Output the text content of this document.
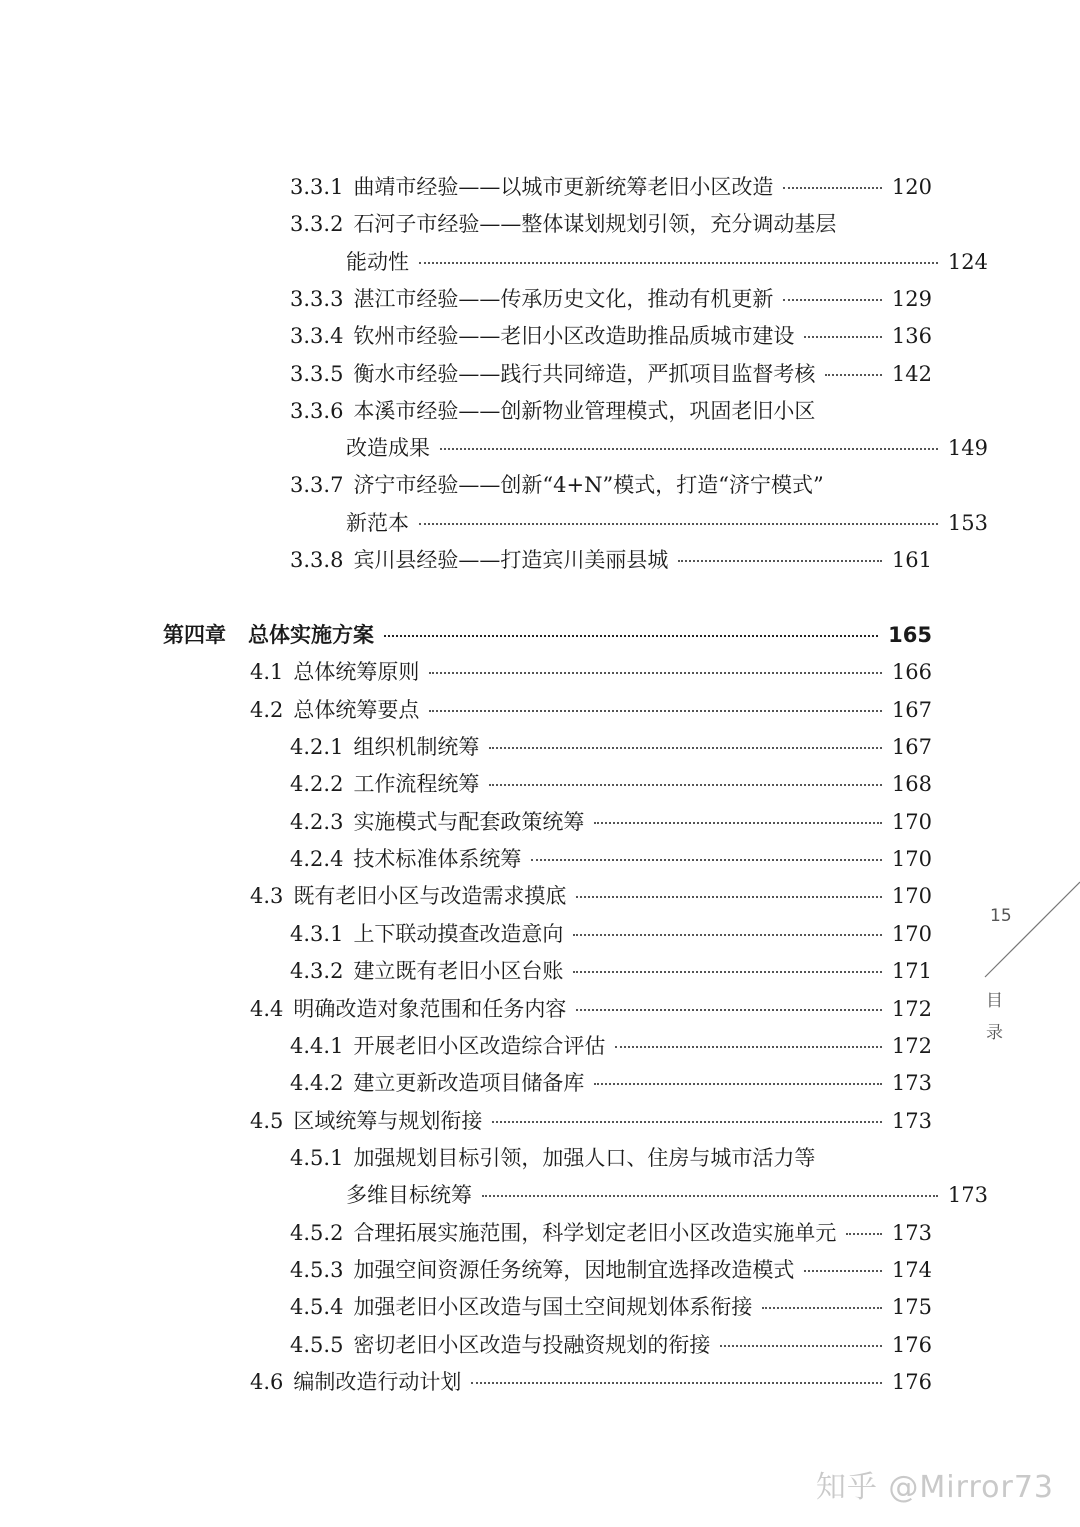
3.3.1 曲靖市经验——以城市更新统筹老旧小区改造	120
3.3.2 石河子市经验——整体谋划规划引领，充分调动基层
能动性	124
3.3.3 湛江市经验——传承历史文化，推动有机更新	129
3.3.4 钦州市经验——老旧小区改造助推品质城市建设	136
3.3.5 衡水市经验——践行共同缔造，严抓项目监督考核	142
3.3.6 本溪市经验——创新物业管理模式，巩固老旧小区
改造成果	149
3.3.7 济宁市经验——创新“4+N”模式，打造“济宁模式”
新范本	153
3.3.8 宾川县经验——打造宾川美丽县城	161
第四章 总体实施方案	165
4.1 总体统筹原则	166
4.2 总体统筹要点	167
4.2.1 组织机制统筹	167
4.2.2 工作流程统筹	168
4.2.3 实施模式与配套政策统筹	170
4.2.4 技术标准体系统筹	170
4.3 既有老旧小区与改造需求摸底	170
4.3.1 上下联动摸查改造意向	170
4.3.2 建立既有老旧小区台账	171
4.4 明确改造对象范围和任务内容	172
4.4.1 开展老旧小区改造综合评估	172
4.4.2 建立更新改造项目储备库	173
4.5 区域统筹与规划衔接	173
4.5.1 加强规划目标引领，加强人口、住房与城市活力等
多维目标统筹	173
4.5.2 合理拓展实施范围，科学划定老旧小区改造实施单元	173
4.5.3 加强空间资源任务统筹，因地制宜选择改造模式	174
4.5.4 加强老旧小区改造与国土空间规划体系衔接	175
4.5.5 密切老旧小区改造与投融资规划的衔接	176
4.6 编制改造行动计划	176
15
目录
知乎 @Mirror73
